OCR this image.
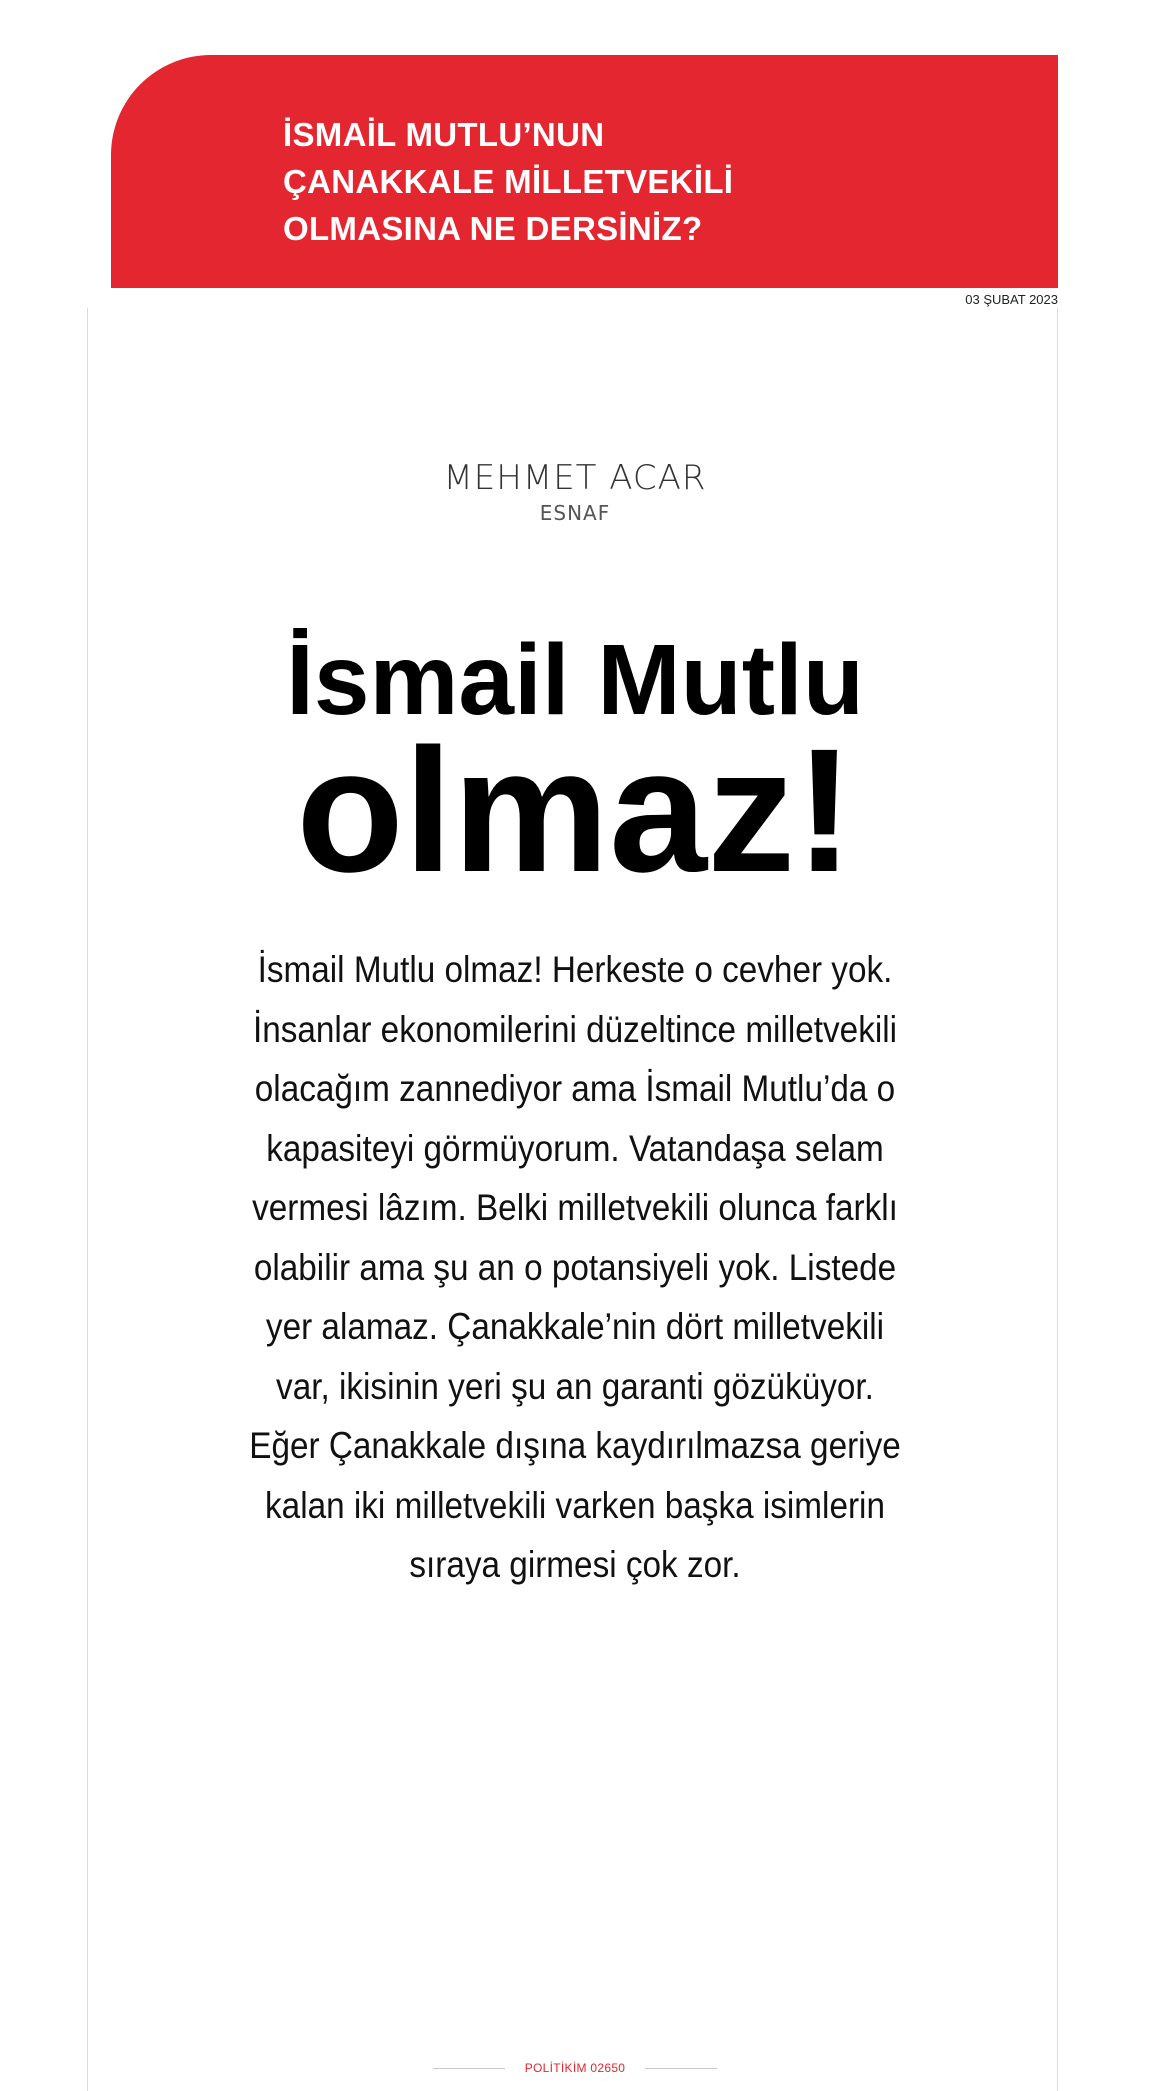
İSMAİL MUTLU’NUN
ÇANAKKALE MİLLETVEKİLİ
OLMASINA NE DERSİNİZ?
03 ŞUBAT 2023
MEHMET ACAR
ESNAF
İsmail Mutlu
olmaz!

İsmail Mutlu olmaz! Herkeste o cevher yok.
İnsanlar ekonomilerini düzeltince milletvekili
olacağım zannediyor ama İsmail Mutlu’da o
kapasiteyi görmüyorum. Vatandaşa selam
vermesi lâzım. Belki milletvekili olunca farklı
olabilir ama şu an o potansiyeli yok. Listede
yer alamaz. Çanakkale’nin dört milletvekili
var, ikisinin yeri şu an garanti gözüküyor.
Eğer Çanakkale dışına kaydırılmazsa geriye
kalan iki milletvekili varken başka isimlerin
sıraya girmesi çok zor.

POLİTİKİM 02650
